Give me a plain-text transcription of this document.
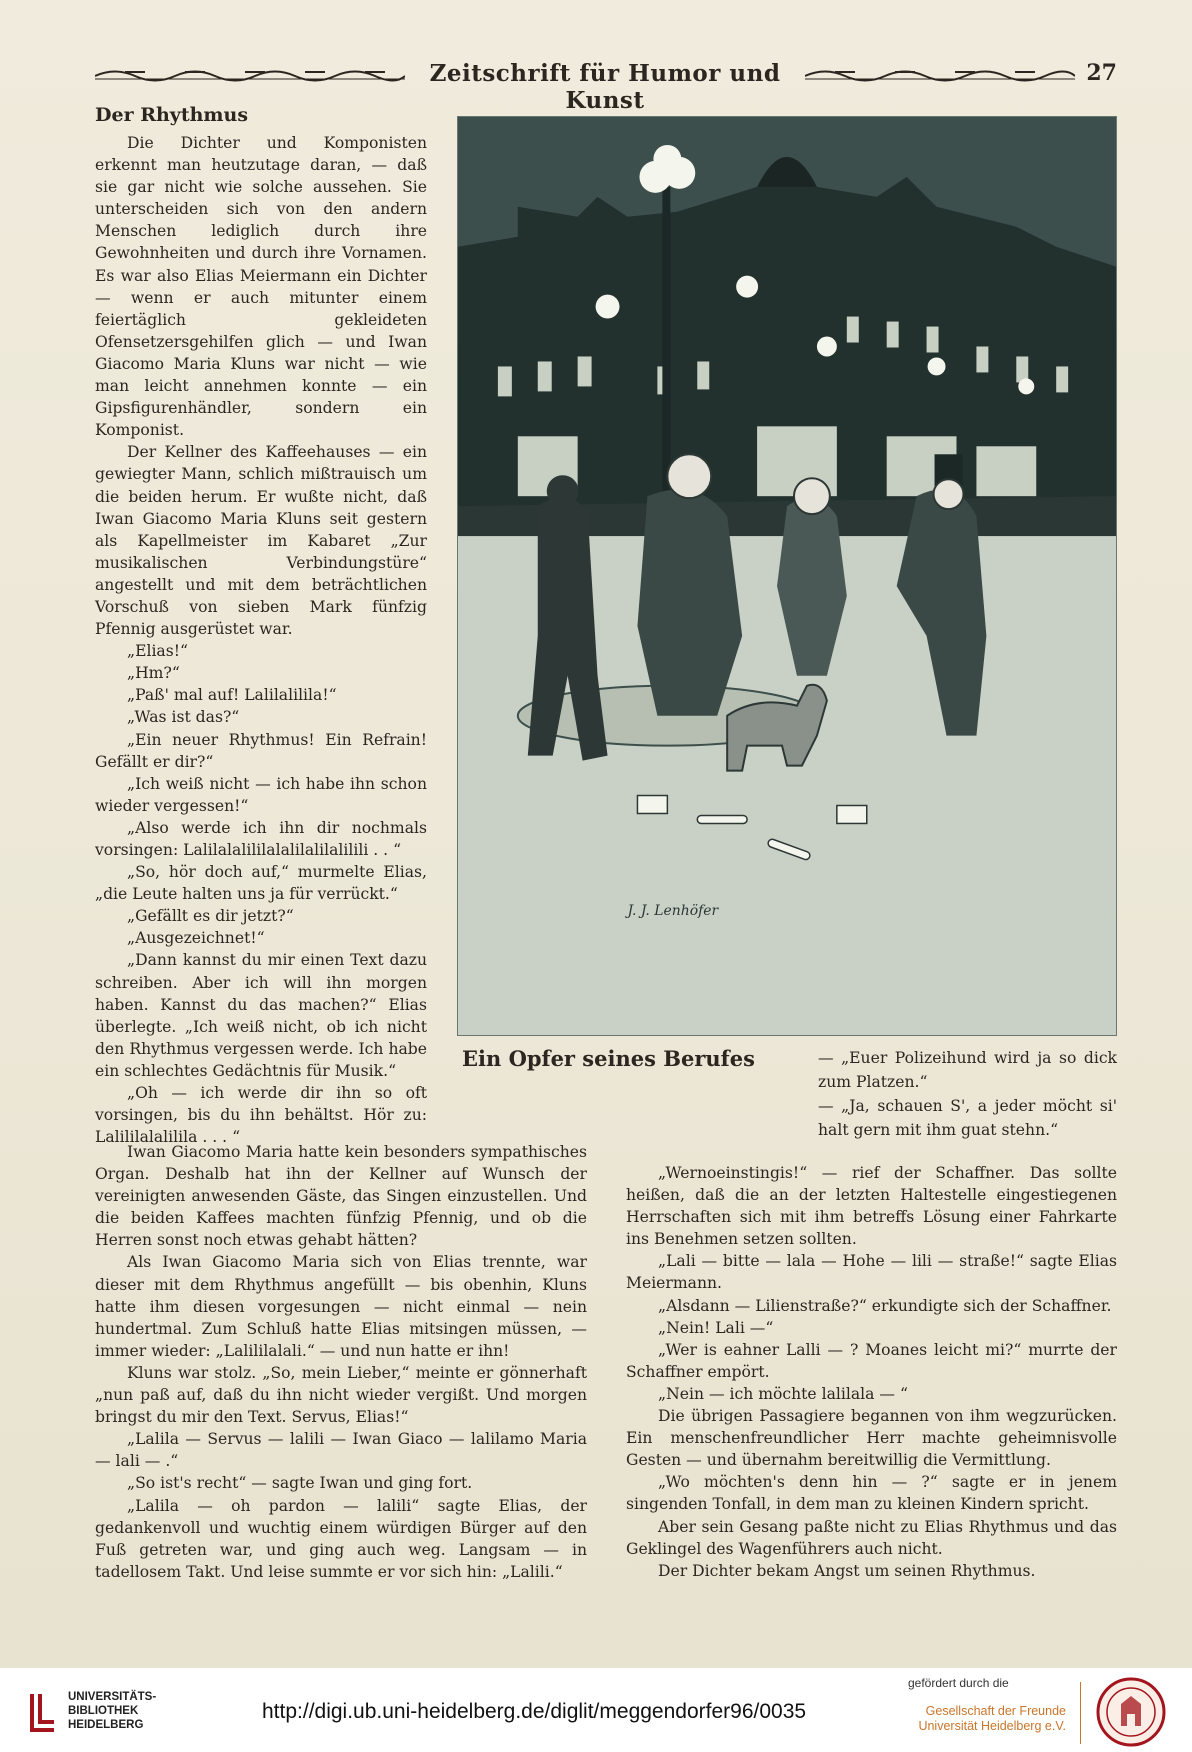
Zeitschrift für Humor und Kunst
27
Der Rhythmus

Die Dichter und Komponisten erkennt man heutzutage daran, — daß sie gar nicht wie solche aussehen. Sie unterscheiden sich von den andern Menschen lediglich durch ihre Gewohnheiten und durch ihre Vornamen. Es war also Elias Meiermann ein Dichter — wenn er auch mitunter einem feiertäglich gekleideten Ofensetzersgehilfen glich — und Iwan Giacomo Maria Kluns war nicht — wie man leicht annehmen konnte — ein Gipsfigurenhändler, sondern ein Komponist.

Der Kellner des Kaffeehauses — ein gewiegter Mann, schlich mißtrauisch um die beiden herum. Er wußte nicht, daß Iwan Giacomo Maria Kluns seit gestern als Kapellmeister im Kabaret „Zur musikalischen Verbindungstüre“ angestellt und mit dem beträchtlichen Vorschuß von sieben Mark fünfzig Pfennig ausgerüstet war.

„Elias!“

„Hm?“

„Paß' mal auf! Lalilalilila!“

„Was ist das?“

„Ein neuer Rhythmus! Ein Refrain! Gefällt er dir?“

„Ich weiß nicht — ich habe ihn schon wieder vergessen!“

„Also werde ich ihn dir nochmals vorsingen: Lalilalalililalalilalilalilili . . “

„So, hör doch auf,“ murmelte Elias, „die Leute halten uns ja für verrückt.“

„Gefällt es dir jetzt?“

„Ausgezeichnet!“

„Dann kannst du mir einen Text dazu schreiben. Aber ich will ihn morgen haben. Kannst du das machen?“ Elias überlegte. „Ich weiß nicht, ob ich nicht den Rhythmus vergessen werde. Ich habe ein schlechtes Gedächtnis für Musik.“

„Oh — ich werde dir ihn so oft vorsingen, bis du ihn behältst. Hör zu: Lalililalalilila . . . “

J. J. Lenhöfer
Ein Opfer seines Berufes	— „Euer Polizeihund wird ja so dick zum Platzen.“

— „Ja, schauen S', a jeder möcht si' halt gern mit ihm guat stehn.“

Iwan Giacomo Maria hatte kein besonders sympathisches Organ. Deshalb hat ihn der Kellner auf Wunsch der vereinigten anwesenden Gäste, das Singen einzustellen. Und die beiden Kaffees machten fünfzig Pfennig, und ob die Herren sonst noch etwas gehabt hätten?

Als Iwan Giacomo Maria sich von Elias trennte, war dieser mit dem Rhythmus angefüllt — bis obenhin, Kluns hatte ihm diesen vorgesungen — nicht einmal — nein hundertmal. Zum Schluß hatte Elias mitsingen müssen, — immer wieder: „Lalililalali.“ — und nun hatte er ihn!

Kluns war stolz. „So, mein Lieber,“ meinte er gönnerhaft „nun paß auf, daß du ihn nicht wieder vergißt. Und morgen bringst du mir den Text. Servus, Elias!“

„Lalila — Servus — lalili — Iwan Giaco — lalilamo Maria — lali — .“

„So ist's recht“ — sagte Iwan und ging fort.

„Lalila — oh pardon — lalili“ sagte Elias, der gedankenvoll und wuchtig einem würdigen Bürger auf den Fuß getreten war, und ging auch weg. Langsam — in tadellosem Takt. Und leise summte er vor sich hin: „Lalili.“

„Wernoeinstingis!“ — rief der Schaffner. Das sollte heißen, daß die an der letzten Haltestelle eingestiegenen Herrschaften sich mit ihm betreffs Lösung einer Fahrkarte ins Benehmen setzen sollten.

„Lali — bitte — lala — Hohe — lili — straße!“ sagte Elias Meiermann.

„Alsdann — Lilienstraße?“ erkundigte sich der Schaffner.

„Nein! Lali —“

„Wer is eahner Lalli — ? Moanes leicht mi?“ murrte der Schaffner empört.

„Nein — ich möchte lalilala — “

Die übrigen Passagiere begannen von ihm wegzurücken. Ein menschenfreundlicher Herr machte geheimnisvolle Gesten — und übernahm bereitwillig die Vermittlung.

„Wo möchten's denn hin — ?“ sagte er in jenem singenden Tonfall, in dem man zu kleinen Kindern spricht.

Aber sein Gesang paßte nicht zu Elias Rhythmus und das Geklingel des Wagenführers auch nicht.

Der Dichter bekam Angst um seinen Rhythmus.

UNIVERSITÄTS-
BIBLIOTHEK
HEIDELBERG
http://digi.ub.uni-heidelberg.de/diglit/meggendorfer96/0035
gefördert durch die
Gesellschaft der Freunde
Universität Heidelberg e.V.
